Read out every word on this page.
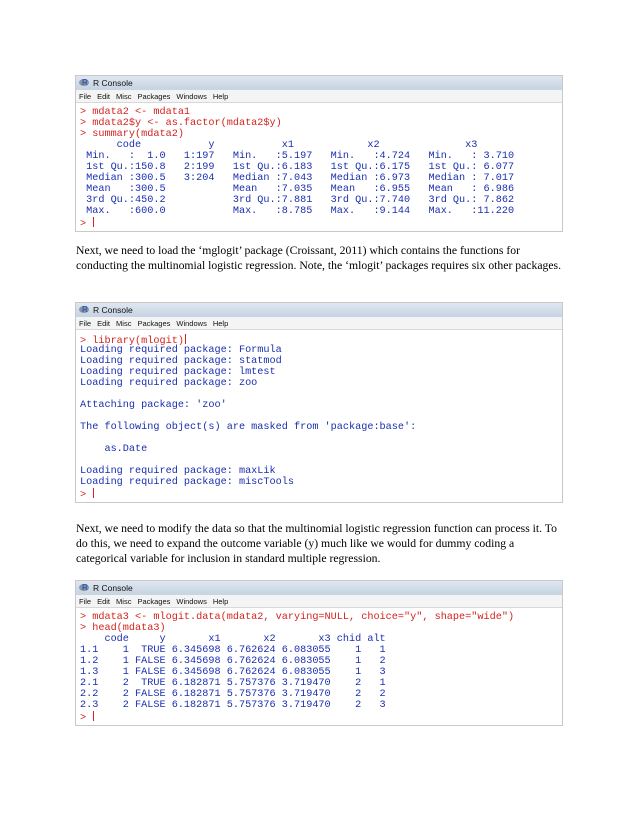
R R Console
File Edit Misc Packages Windows Help
> mdata2 <- mdata1
> mdata2$y <- as.factor(mdata2$y)
> summary(mdata2)
code           y           x1            x2              x3
Min.   :  1.0   1:197   Min.   :5.197   Min.   :4.724   Min.   : 3.710
1st Qu.:150.8   2:199   1st Qu.:6.183   1st Qu.:6.175   1st Qu.: 6.077
Median :300.5   3:204   Median :7.043   Median :6.973   Median : 7.017
Mean   :300.5           Mean   :7.035   Mean   :6.955   Mean   : 6.986
3rd Qu.:450.2           3rd Qu.:7.881   3rd Qu.:7.740   3rd Qu.: 7.862
Max.   :600.0           Max.   :8.785   Max.   :9.144   Max.   :11.220
>

Next, we need to load the ‘mglogit’ package (Croissant, 2011) which contains the functions for conducting the multinomial logistic regression. Note, the ‘mlogit’ packages requires six other packages.

R R Console
File Edit Misc Packages Windows Help
> library(mlogit)
Loading required package: Formula
Loading required package: statmod
Loading required package: lmtest
Loading required package: zoo
Attaching package: 'zoo'
The following object(s) are masked from 'package:base':
as.Date
Loading required package: maxLik
Loading required package: miscTools
>

Next, we need to modify the data so that the multinomial logistic regression function can process it. To do this, we need to expand the outcome variable (y) much like we would for dummy coding a categorical variable for inclusion in standard multiple regression.

R R Console
File Edit Misc Packages Windows Help
> mdata3 <- mlogit.data(mdata2, varying=NULL, choice="y", shape="wide")
> head(mdata3)
code     y       x1       x2       x3 chid alt
1.1    1  TRUE 6.345698 6.762624 6.083055    1   1
1.2    1 FALSE 6.345698 6.762624 6.083055    1   2
1.3    1 FALSE 6.345698 6.762624 6.083055    1   3
2.1    2  TRUE 6.182871 5.757376 3.719470    2   1
2.2    2 FALSE 6.182871 5.757376 3.719470    2   2
2.3    2 FALSE 6.182871 5.757376 3.719470    2   3
>
